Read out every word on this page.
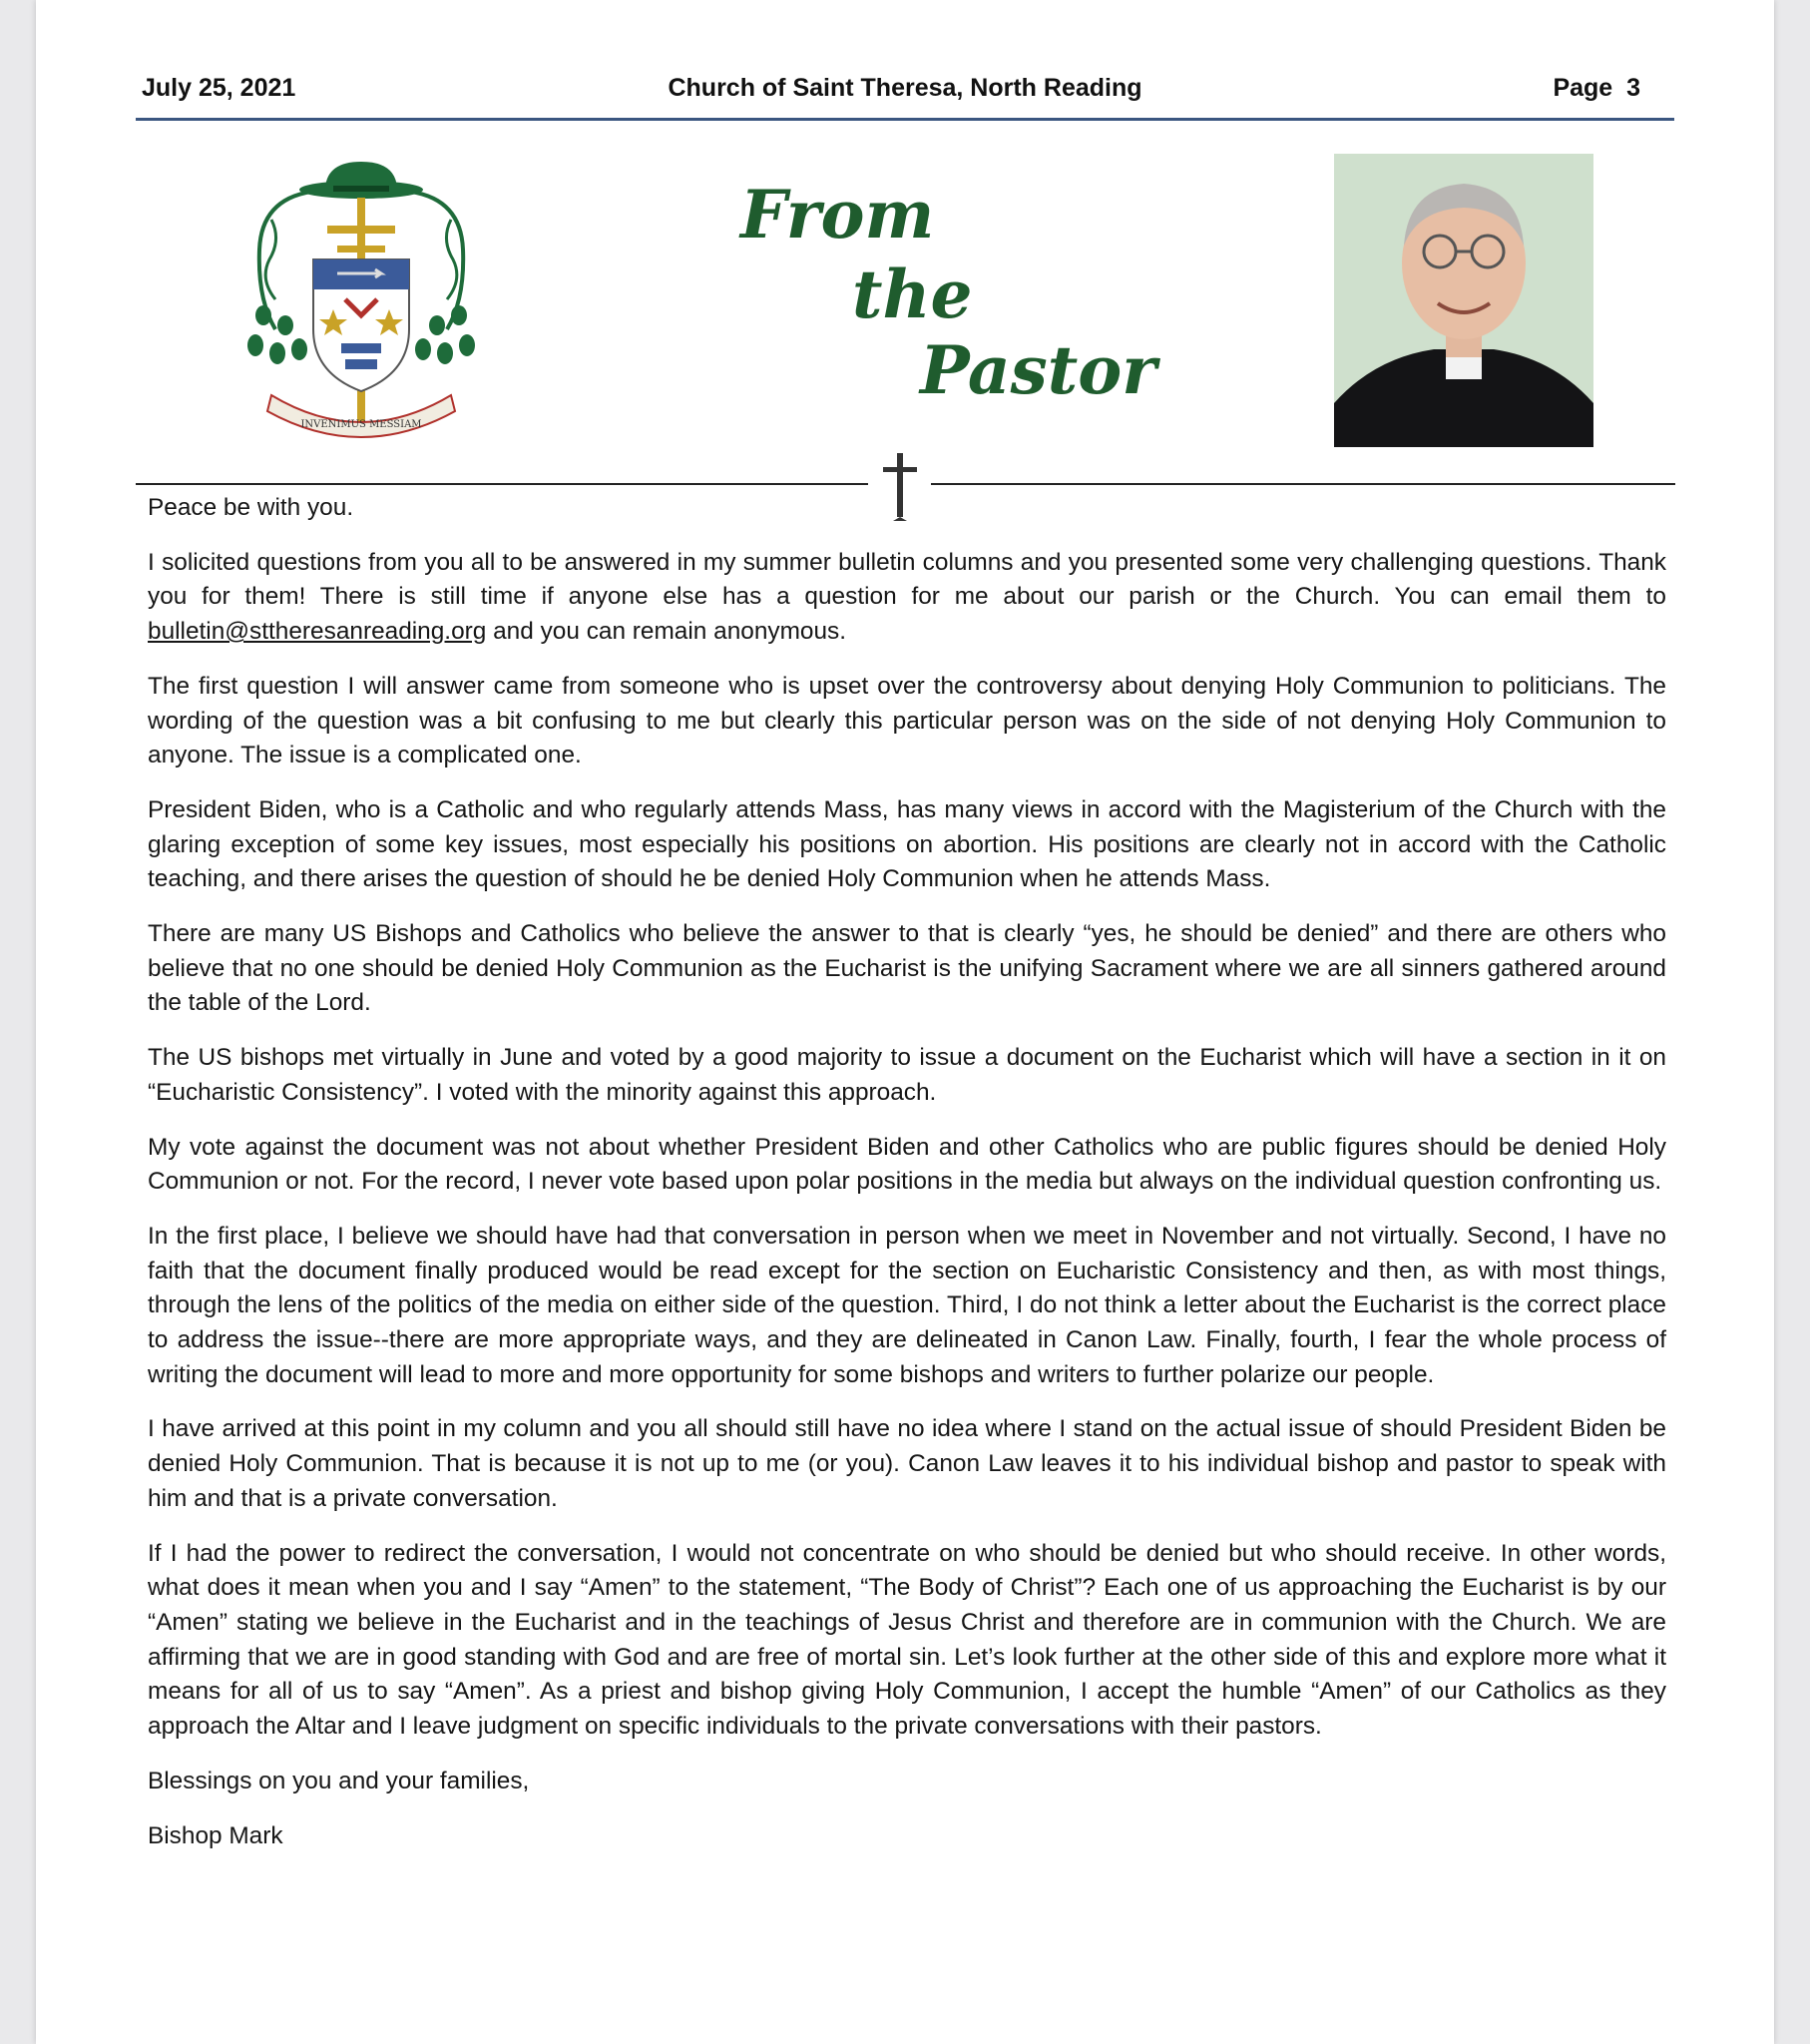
July 25, 2021	Church of Saint Theresa, North Reading	Page  3
INVENIMUS MESSIAM
From
the
Pastor

Peace be with you.

I solicited questions from you all to be answered in my summer bulletin columns and you presented some very challenging questions. Thank you for them! There is still time if anyone else has a question for me about our parish or the Church. You can email them to bulletin@sttheresanreading.org and you can remain anonymous.

The first question I will answer came from someone who is upset over the controversy about denying Holy Communion to politicians. The wording of the question was a bit confusing to me but clearly this particular person was on the side of not denying Holy Communion to anyone. The issue is a complicated one.

President Biden, who is a Catholic and who regularly attends Mass, has many views in accord with the Magisterium of the Church with the glaring exception of some key issues, most especially his positions on abortion. His positions are clearly not in accord with the Catholic teaching, and there arises the question of should he be denied Holy Communion when he attends Mass.

There are many US Bishops and Catholics who believe the answer to that is clearly “yes, he should be denied” and there are others who believe that no one should be denied Holy Communion as the Eucharist is the unifying Sacrament where we are all sinners gathered around the table of the Lord.

The US bishops met virtually in June and voted by a good majority to issue a document on the Eucharist which will have a section in it on “Eucharistic Consistency”. I voted with the minority against this approach.

My vote against the document was not about whether President Biden and other Catholics who are public figures should be denied Holy Communion or not. For the record, I never vote based upon polar positions in the media but always on the individual question confronting us.

In the first place, I believe we should have had that conversation in person when we meet in November and not virtually. Second, I have no faith that the document finally produced would be read except for the section on Eucharistic Consistency and then, as with most things, through the lens of the politics of the media on either side of the question. Third, I do not think a letter about the Eucharist is the correct place to address the issue--there are more appropriate ways, and they are delineated in Canon Law. Finally, fourth, I fear the whole process of writing the document will lead to more and more opportunity for some bishops and writers to further polarize our people.

I have arrived at this point in my column and you all should still have no idea where I stand on the actual issue of should President Biden be denied Holy Communion. That is because it is not up to me (or you). Canon Law leaves it to his individual bishop and pastor to speak with him and that is a private conversation.

If I had the power to redirect the conversation, I would not concentrate on who should be denied but who should receive. In other words, what does it mean when you and I say “Amen” to the statement, “The Body of Christ”? Each one of us approaching the Eucharist is by our “Amen” stating we believe in the Eucharist and in the teachings of Jesus Christ and therefore are in communion with the Church. We are affirming that we are in good standing with God and are free of mortal sin. Let’s look further at the other side of this and explore more what it means for all of us to say “Amen”. As a priest and bishop giving Holy Communion, I accept the humble “Amen” of our Catholics as they approach the Altar and I leave judgment on specific individuals to the private conversations with their pastors.

Blessings on you and your families,

Bishop Mark
